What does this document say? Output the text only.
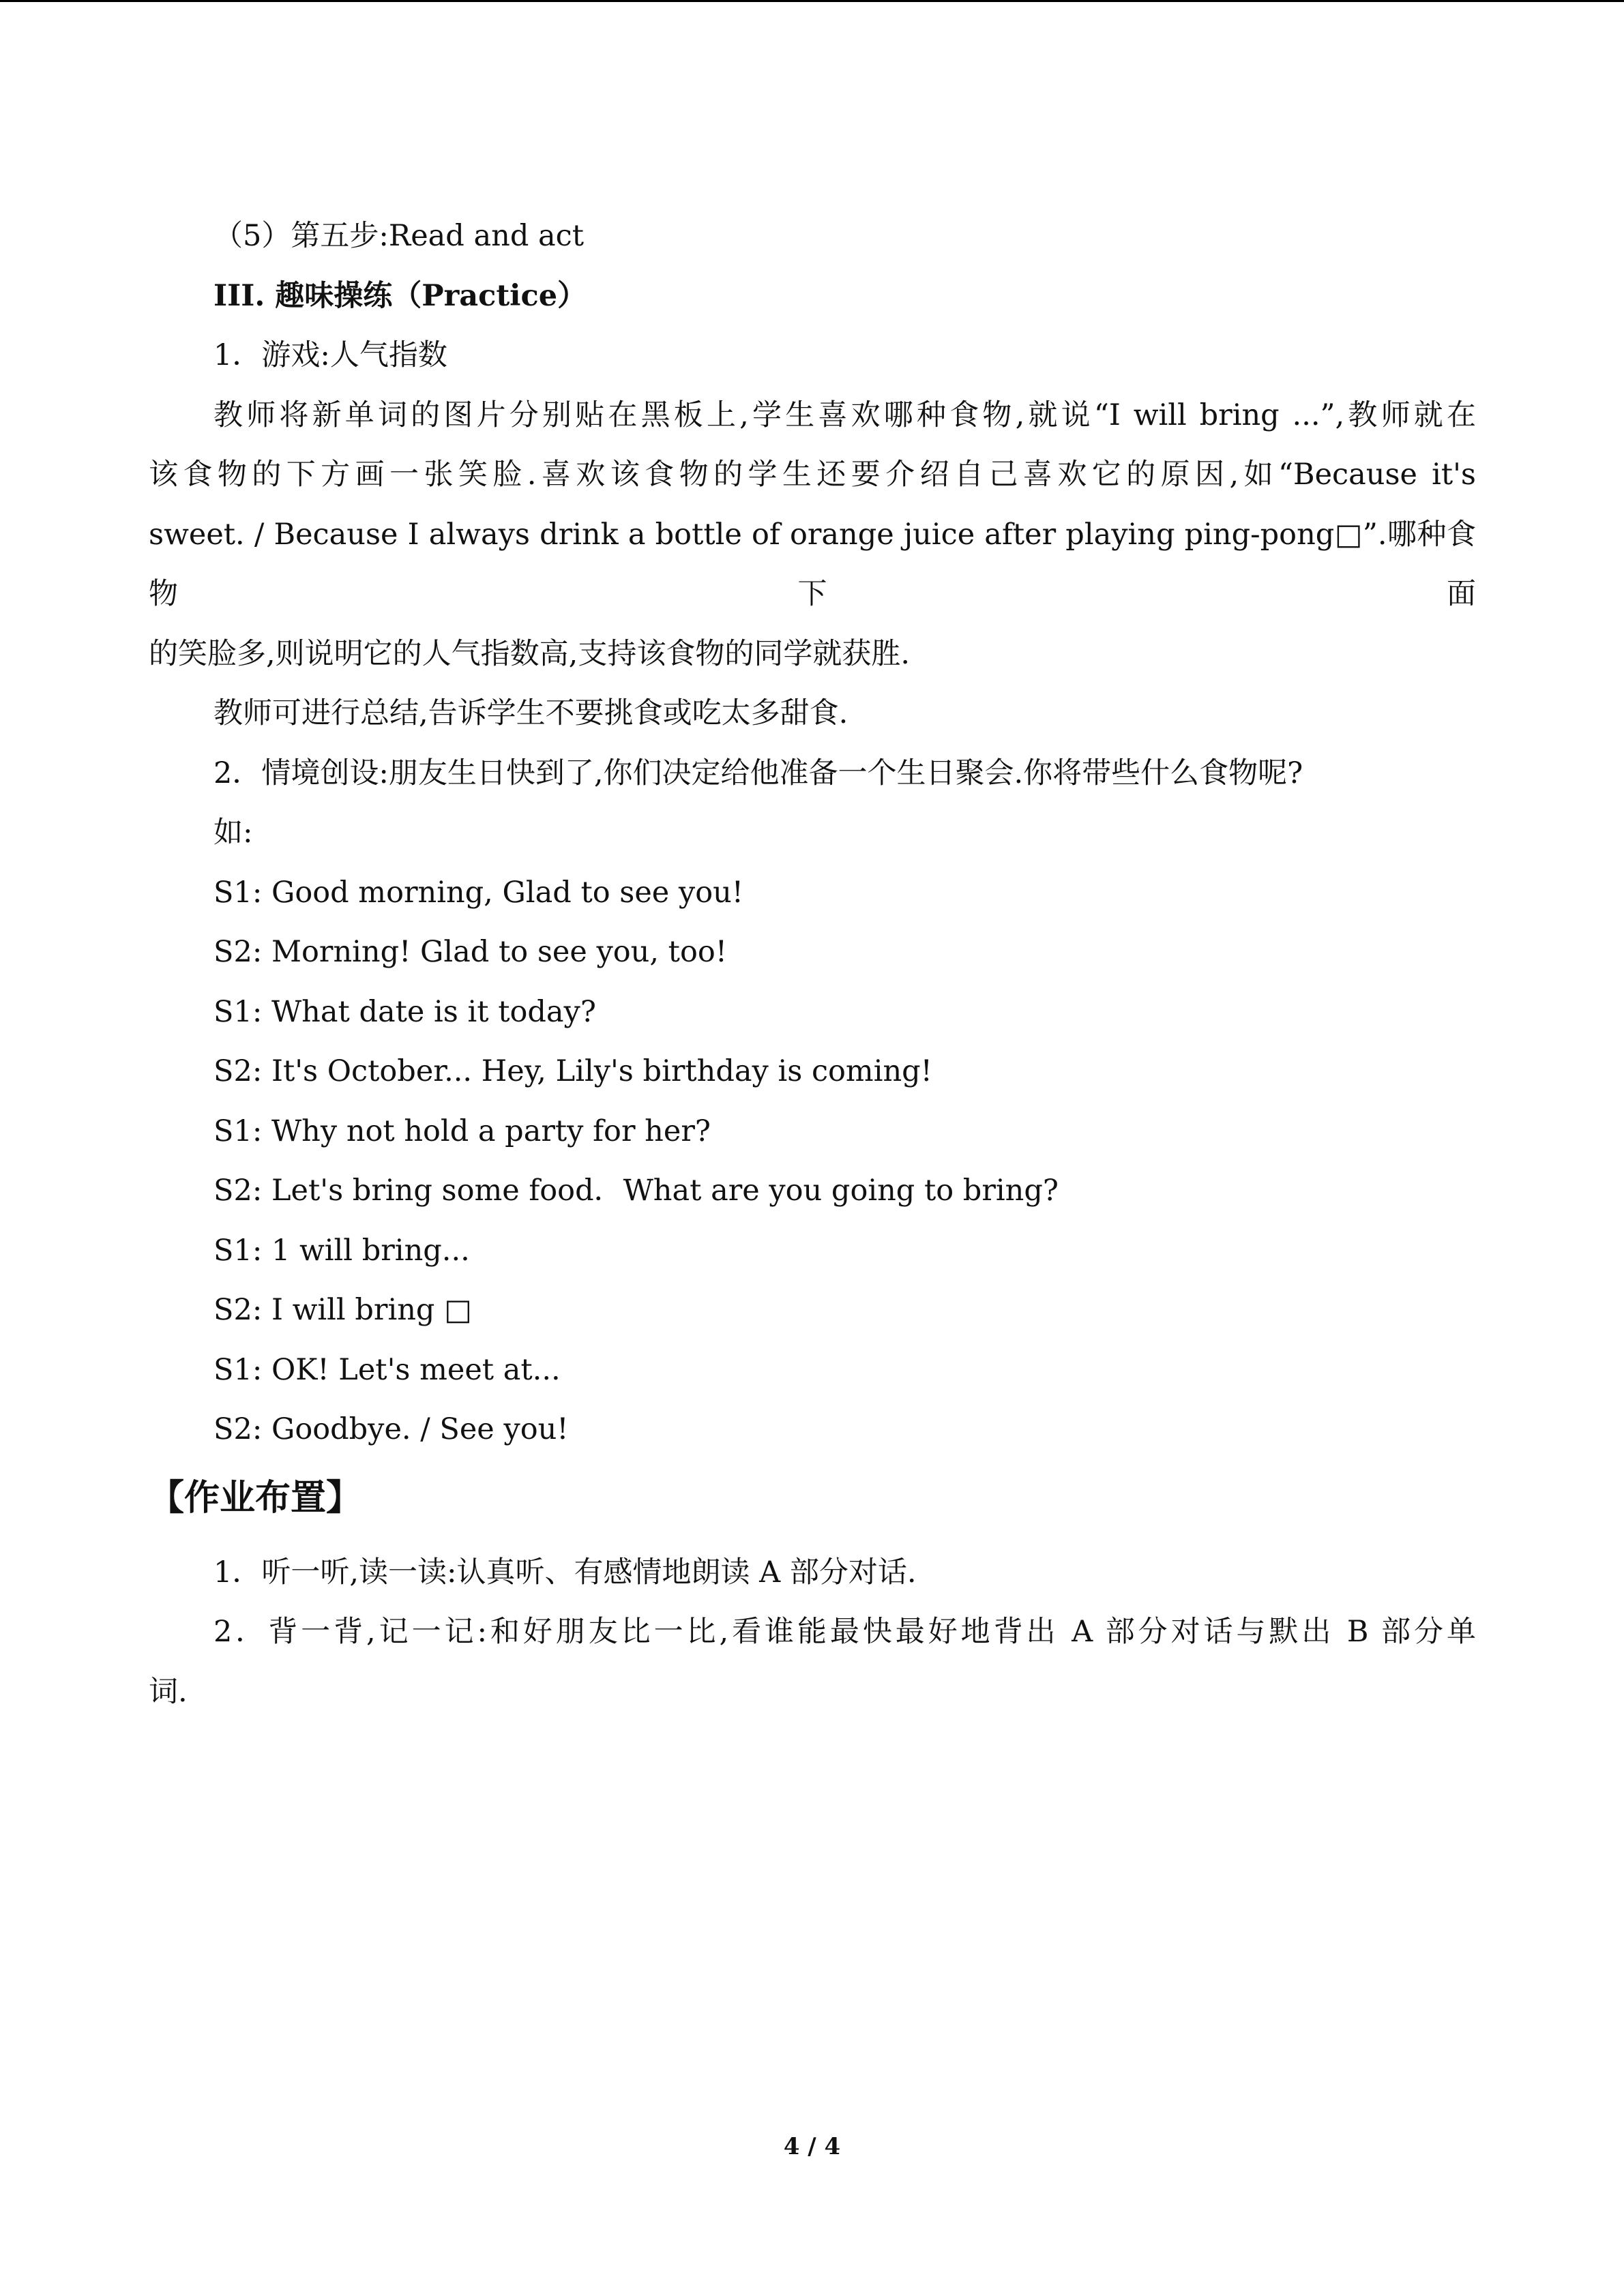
（5）第五步:Read and act

III. 趣味操练（Practice）

1．游戏:人气指数

教师将新单词的图片分别贴在黑板上,学生喜欢哪种食物,就说“I will bring ...”,教师就在

该食物的下方画一张笑脸.喜欢该食物的学生还要介绍自己喜欢它的原因,如“Because it's

sweet. / Because I always drink a bottle of orange juice after playing ping-pong□”.哪种食物下面

的笑脸多,则说明它的人气指数高,支持该食物的同学就获胜.

教师可进行总结,告诉学生不要挑食或吃太多甜食.

2．情境创设:朋友生日快到了,你们决定给他准备一个生日聚会.你将带些什么食物呢?

如:

S1: Good morning, Glad to see you!

S2: Morning! Glad to see you, too!

S1: What date is it today?

S2: It's October... Hey, Lily's birthday is coming!

S1: Why not hold a party for her?

S2: Let's bring some food．What are you going to bring?

S1: 1 will bring...

S2: I will bring □

S1: OK! Let's meet at...

S2: Goodbye. / See you!

【作业布置】

1．听一听,读一读:认真听、有感情地朗读 A 部分对话.

2．背一背,记一记:和好朋友比一比,看谁能最快最好地背出 A 部分对话与默出 B 部分单

词.

4 / 4
